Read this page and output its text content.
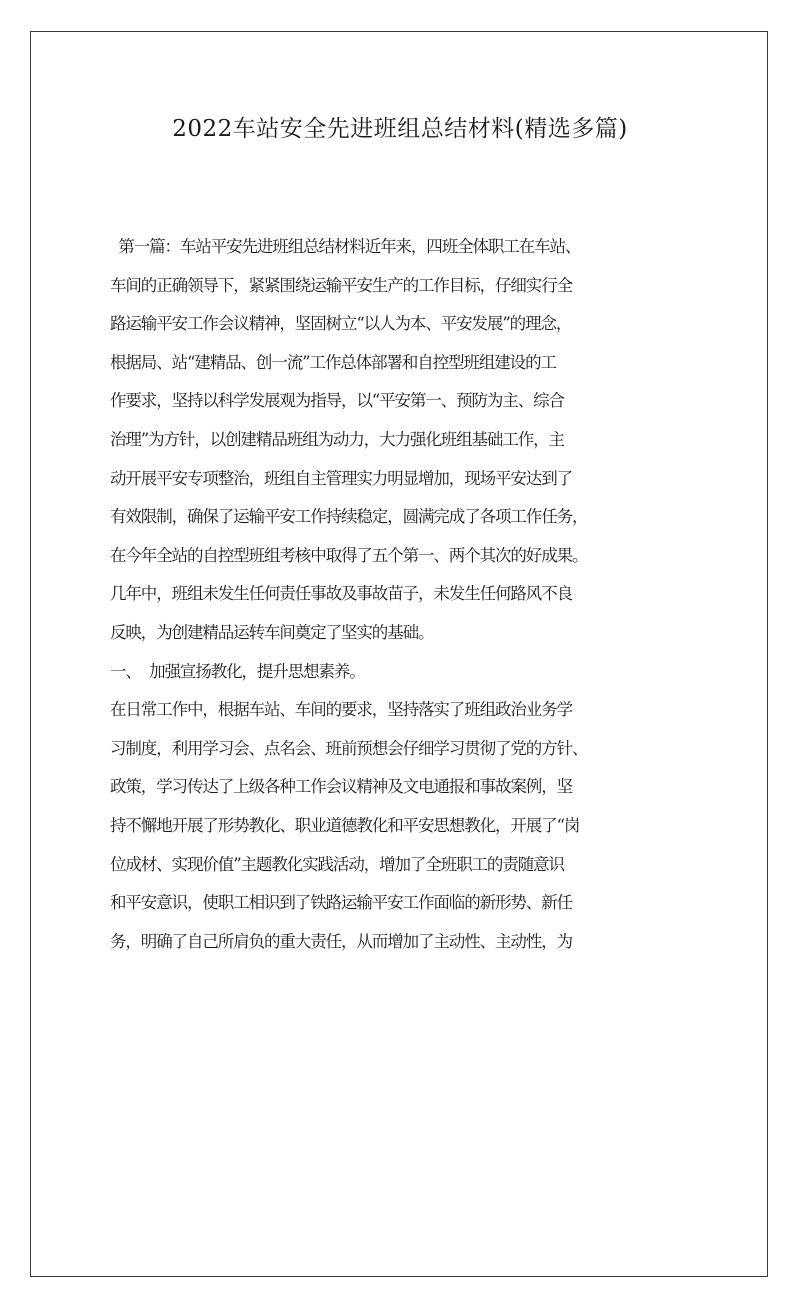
2022车站安全先进班组总结材料(精选多篇)
第一篇：车站平安先进班组总结材料近年来，四班全体职工在车站、
车间的正确领导下，紧紧围绕运输平安生产的工作目标，仔细实行全
路运输平安工作会议精神，坚固树立“以人为本、平安发展”的理念，
根据局、站“建精品、创一流”工作总体部署和自控型班组建设的工
作要求，坚持以科学发展观为指导，以“平安第一、预防为主、综合
治理”为方针，以创建精品班组为动力，大力强化班组基础工作，主
动开展平安专项整治，班组自主管理实力明显增加，现场平安达到了
有效限制，确保了运输平安工作持续稳定，圆满完成了各项工作任务，
在今年全站的自控型班组考核中取得了五个第一、两个其次的好成果。
几年中，班组未发生任何责任事故及事故苗子，未发生任何路风不良
反映，为创建精品运转车间奠定了坚实的基础。
一、  加强宣扬教化，提升思想素养。
在日常工作中，根据车站、车间的要求，坚持落实了班组政治业务学
习制度，利用学习会、点名会、班前预想会仔细学习贯彻了党的方针、
政策，学习传达了上级各种工作会议精神及文电通报和事故案例，坚
持不懈地开展了形势教化、职业道德教化和平安思想教化，开展了“岗
位成材、实现价值”主题教化实践活动，增加了全班职工的责随意识
和平安意识，使职工相识到了铁路运输平安工作面临的新形势、新任
务，明确了自己所肩负的重大责任，从而增加了主动性、主动性，为
